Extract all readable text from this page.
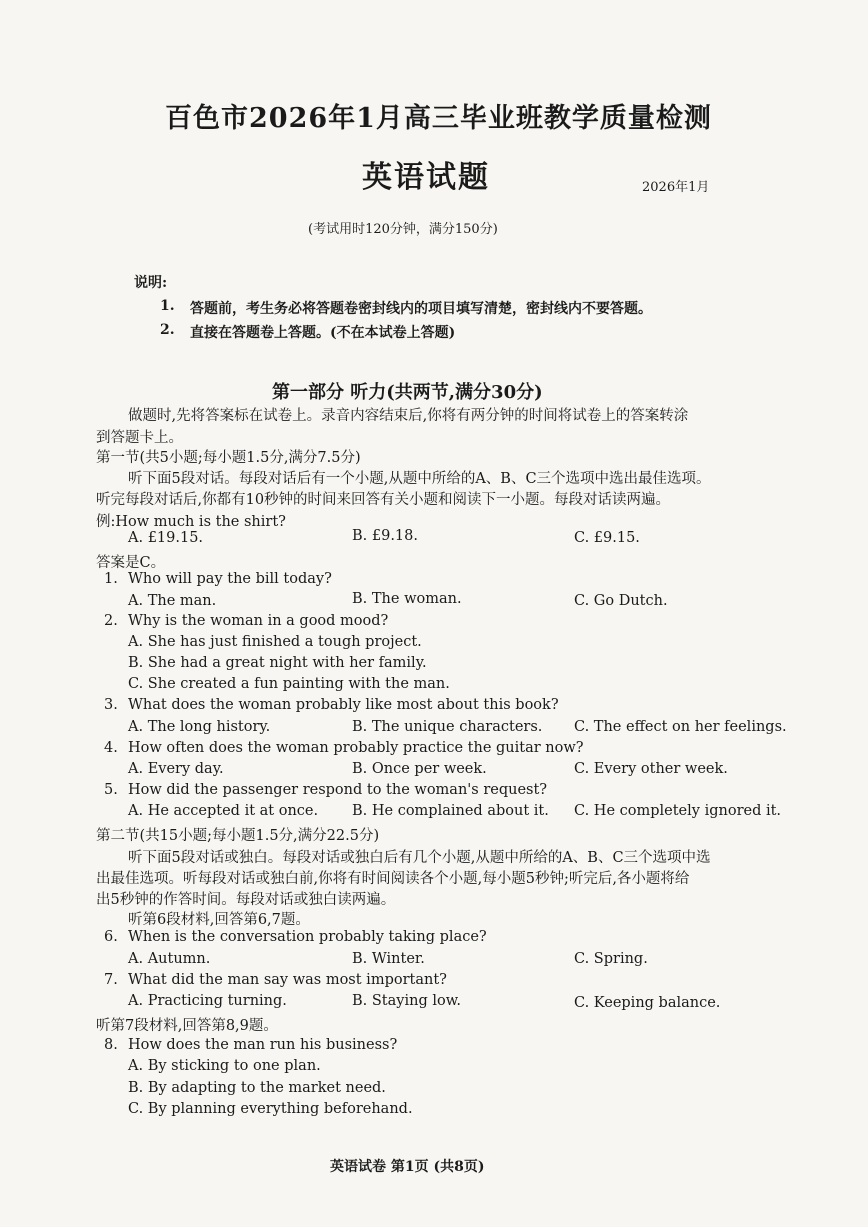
百色市2026年1月高三毕业班教学质量检测
英语试题	2026年1月
(考试用时120分钟，满分150分)
说明:
1. 答题前，考生务必将答题卷密封线内的项目填写清楚，密封线内不要答题。
2. 直接在答题卷上答题。(不在本试卷上答题)
第一部分 听力(共两节,满分30分)
做题时,先将答案标在试卷上。录音内容结束后,你将有两分钟的时间将试卷上的答案转涂
到答题卡上。
第一节(共5小题;每小题1.5分,满分7.5分)
听下面5段对话。每段对话后有一个小题,从题中所给的A、B、C三个选项中选出最佳选项。
听完每段对话后,你都有10秒钟的时间来回答有关小题和阅读下一小题。每段对话读两遍。
例:How much is the shirt?
A. £19.15.	B. £9.18.	C. £9.15.
答案是C。
1. Who will pay the bill today?
A. The man.	B. The woman.	C. Go Dutch.
2. Why is the woman in a good mood?
A. She has just finished a tough project.
B. She had a great night with her family.
C. She created a fun painting with the man.
3. What does the woman probably like most about this book?
A. The long history.	B. The unique characters. C. The effect on her feelings.
4. How often does the woman probably practice the guitar now?
A. Every day.	B. Once per week.	C. Every other week.
5. How did the passenger respond to the woman's request?
A. He accepted it at once. B. He complained about it. C. He completely ignored it.
第二节(共15小题;每小题1.5分,满分22.5分)
听下面5段对话或独白。每段对话或独白后有几个小题,从题中所给的A、B、C三个选项中选
出最佳选项。听每段对话或独白前,你将有时间阅读各个小题,每小题5秒钟;听完后,各小题将给
出5秒钟的作答时间。每段对话或独白读两遍。
听第6段材料,回答第6,7题。
6. When is the conversation probably taking place?
A. Autumn.	B. Winter.	C. Spring.
7. What did the man say was most important?
A. Practicing turning.	B. Staying low.	C. Keeping balance.
听第7段材料,回答第8,9题。
8. How does the man run his business?
A. By sticking to one plan.
B. By adapting to the market need.
C. By planning everything beforehand.
英语试卷 第1页 (共8页)
